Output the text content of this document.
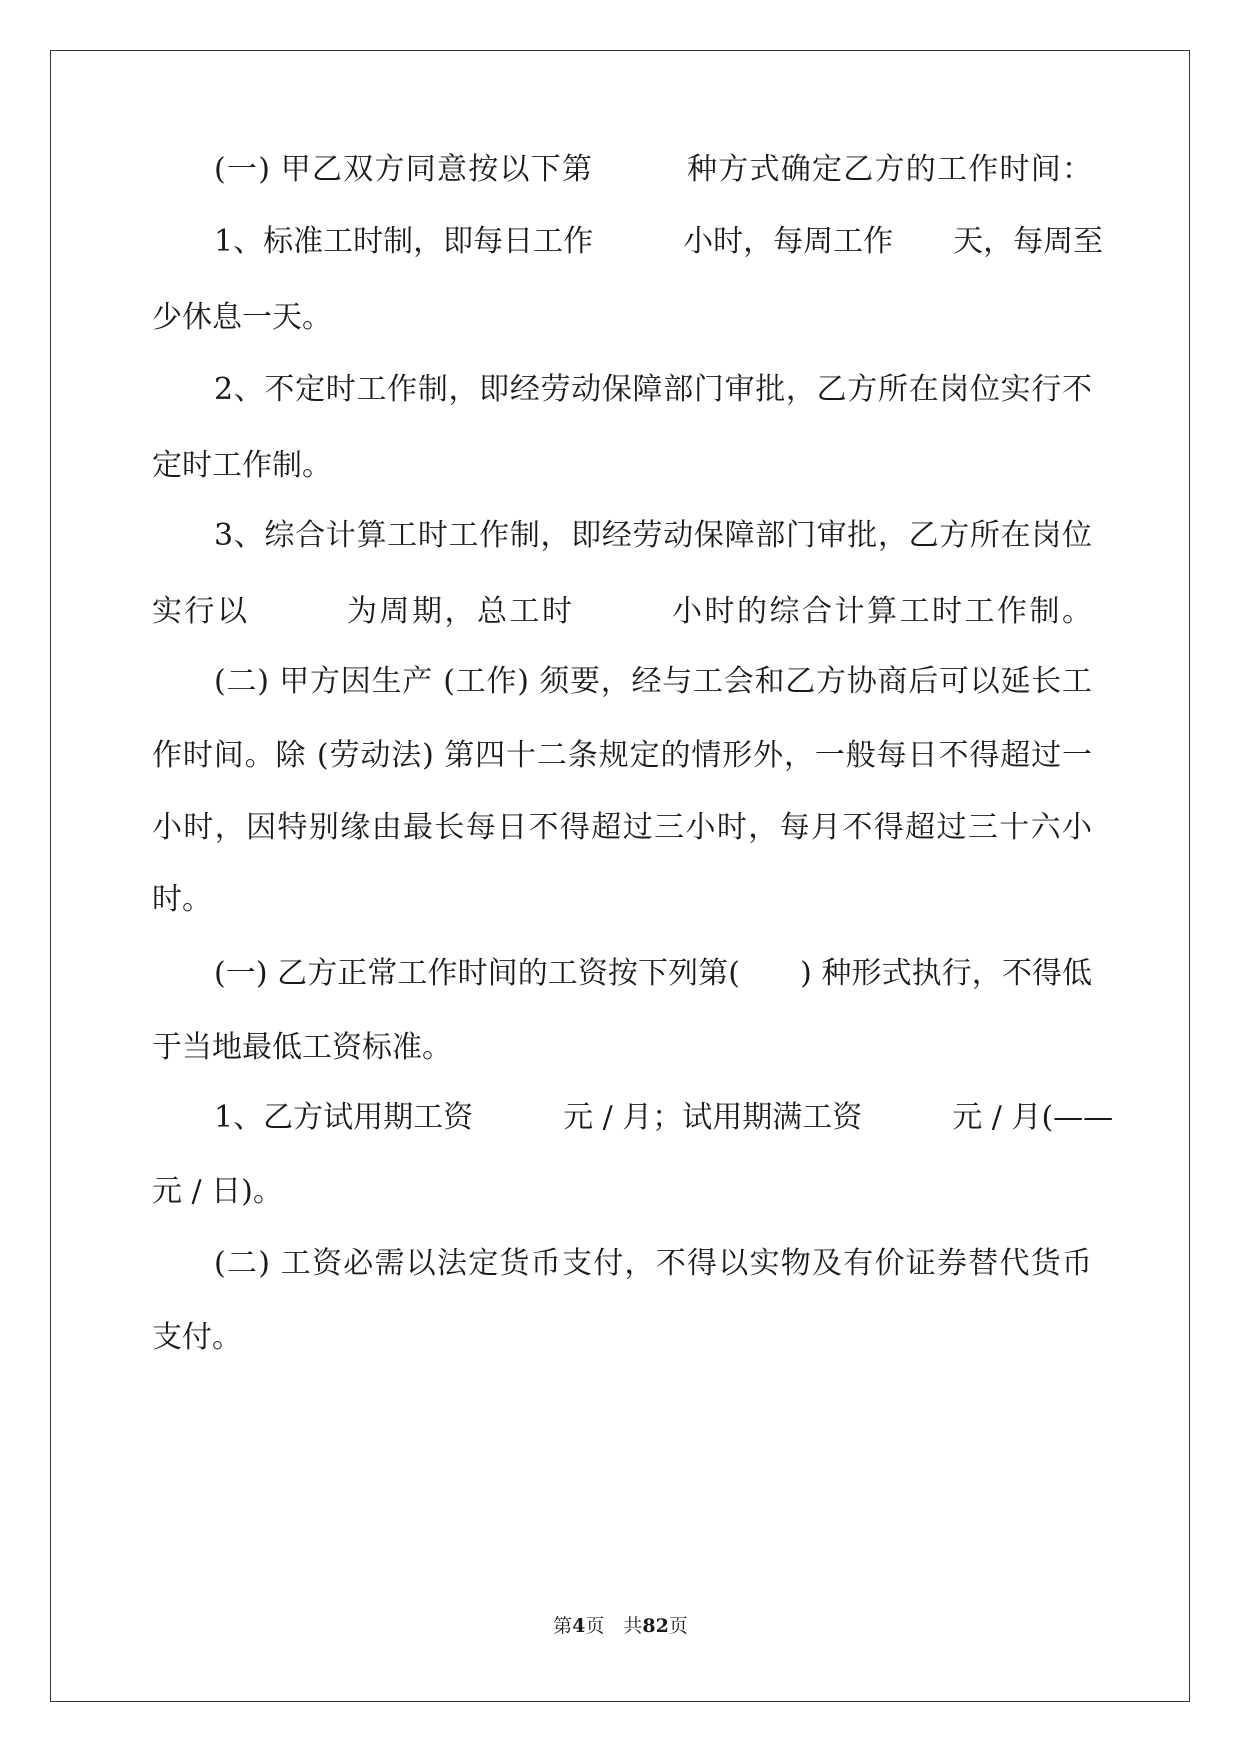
(一) 甲乙双方同意按以下第　　　种方式确定乙方的工作时间：
1、标准工时制，即每日工作　　　小时，每周工作　　天，每周至
少休息一天。
2、不定时工作制，即经劳动保障部门审批，乙方所在岗位实行不
定时工作制。
3、综合计算工时工作制，即经劳动保障部门审批，乙方所在岗位
实行以　　　为周期，总工时　　　小时的综合计算工时工作制。
(二) 甲方因生产 (工作) 须要，经与工会和乙方协商后可以延长工
作时间。除 (劳动法) 第四十二条规定的情形外，一般每日不得超过一
小时，因特别缘由最长每日不得超过三小时，每月不得超过三十六小
时。
(一) 乙方正常工作时间的工资按下列第(　　) 种形式执行，不得低
于当地最低工资标准。
1、乙方试用期工资　　　元 / 月；试用期满工资　　　元 / 月(——
元 / 日)。
(二) 工资必需以法定货币支付，不得以实物及有价证券替代货币
支付。
第4页　 共82页
